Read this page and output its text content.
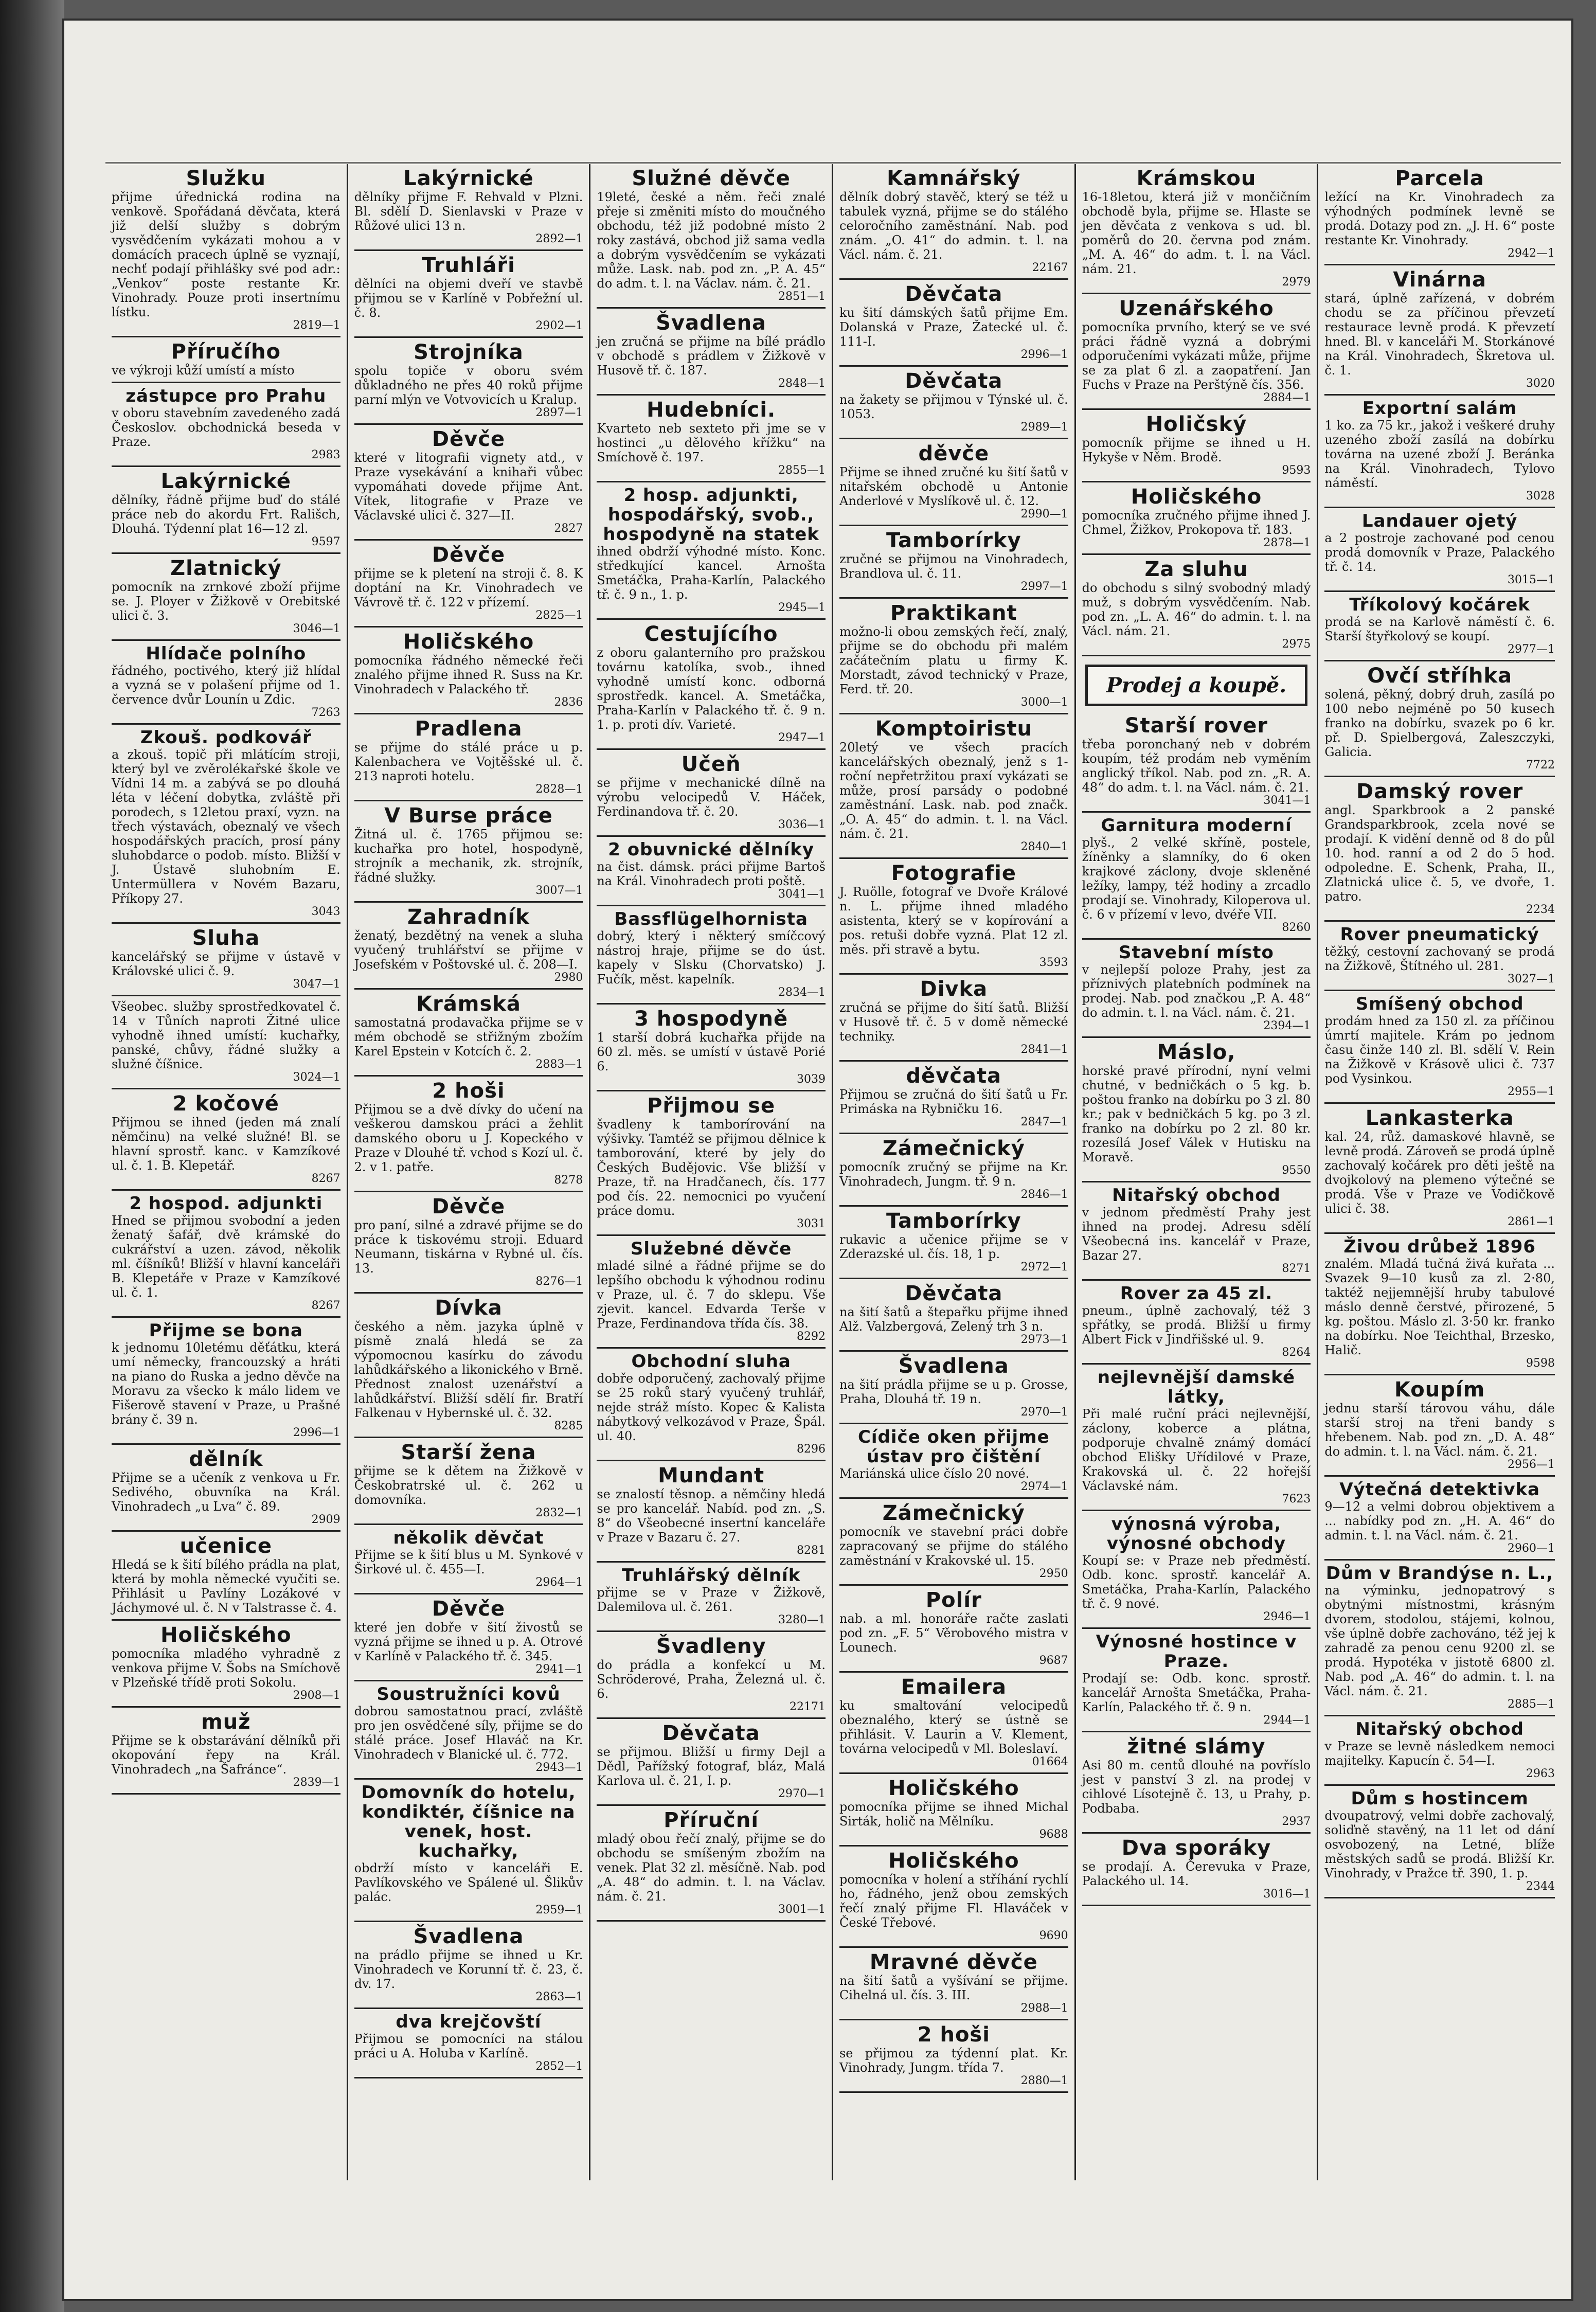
Služku
přijme úřednická rodina na venkově. Spořádaná děvčata, která již delší služby s dobrým vysvědčením vykázati mohou a v domácích pracech úplně se vyznají, nechť podají přihlášky své pod adr.: „Venkov“ poste restante Kr. Vinohrady. Pouze proti insertnímu lístku.
2819—1
Příručího
ve výkroji kůží umístí a místo
zástupce pro Prahu
v oboru stavebním zavedeného zadá Českoslov. obchodnická beseda v Praze.
2983
Lakýrnické
dělníky, řádně přijme buď do stálé práce neb do akordu Frt. Rališch, Dlouhá. Týdenní plat 16—12 zl.
9597
Zlatnický
pomocník na zrnkové zboží přijme se. J. Ployer v Žižkově v Orebitské ulici č. 3.
3046—1
Hlídače polního
řádného, poctivého, který již hlídal a vyzná se v polašení přijme od 1. července dvůr Lounín u Zdic.
7263
Zkouš. podkovář
a zkouš. topič při mlátícím stroji, který byl ve zvěrolékařské škole ve Vídni 14 m. a zabývá se po dlouhá léta v léčení dobytka, zvláště při porodech, s 12letou praxí, vyzn. na třech výstavách, obeznalý ve všech hospodářských pracích, prosí pány sluhobdarce o podob. místo. Bližší v J. Ústavě sluhobním E. Untermüllera v Novém Bazaru, Příkopy 27.
3043
Sluha
kancelářský se přijme v ústavě v Královské ulici č. 9.
3047—1
Všeobec. služby sprostředkovatel č. 14 v Tůních naproti Žitné ulice vyhodně ihned umístí: kuchařky, panské, chůvy, řádné služky a služné číšnice.
3024—1
2 kočové
Přijmou se ihned (jeden má znalí němčinu) na velké služné! Bl. se hlavní sprostř. kanc. v Kamzíkové ul. č. 1. B. Klepetář.
8267
2 hospod. adjunkti
Hned se přijmou svobodní a jeden ženatý šafář, dvě krámské do cukrářství a uzen. závod, několik ml. číšníků! Bližší v hlavní kanceláři B. Klepetáře v Praze v Kamzíkové ul. č. 1.
8267
Přijme se bona
k jednomu 10letému děťátku, která umí německy, francouzský a hráti na piano do Ruska a jedno děvče na Moravu za všecko k málo lidem ve Fišerově stavení v Praze, u Prašné brány č. 39 n.
2996—1
dělník
Přijme se a učeník z venkova u Fr. Sedivého, obuvníka na Král. Vinohradech „u Lva“ č. 89.
2909
učenice
Hledá se k šití bílého prádla na plat, která by mohla německé vyučiti se. Přihlásit u Pavlíny Lozákové v Jáchymové ul. č. N v Talstrasse č. 4.
Holičského
pomocníka mladého vyhradně z venkova přijme V. Šobs na Smíchově v Plzeňské třídě proti Sokolu.
2908—1
muž
Přijme se k obstarávání dělníků při okopování řepy na Král. Vinohradech „na Šafránce“.
2839—1
Lakýrnické
dělníky přijme F. Rehvald v Plzni. Bl. sdělí D. Sienlavski v Praze v Růžové ulici 13 n.
2892—1
Truhláři
dělníci na objemi dveří ve stavbě přijmou se v Karlíně v Pobřežní ul. č. 8.
2902—1
Strojníka
spolu topiče v oboru svém důkladného ne přes 40 roků přijme parní mlýn ve Votvovicích u Kralup.
2897—1
Děvče
které v litografii vignety atd., v Praze vysekávání a knihaři vůbec vypomáhati dovede přijme Ant. Vítek, litografie v Praze ve Václavské ulici č. 327—II.
2827
Děvče
přijme se k pletení na stroji č. 8. K doptání na Kr. Vinohradech ve Vávrově tř. č. 122 v přízemí.
2825—1
Holičského
pomocníka řádného německé řeči znalého přijme ihned R. Suss na Kr. Vinohradech v Palackého tř.
2836
Pradlena
se přijme do stálé práce u p. Kalenbachera ve Vojtěšské ul. č. 213 naproti hotelu.
2828—1
V Burse práce
Žitná ul. č. 1765 přijmou se: kuchařka pro hotel, hospodyně, strojník a mechanik, zk. strojník, řádné služky.
3007—1
Zahradník
ženatý, bezdětný na venek a sluha vyučený truhlářství se přijme v Josefském v Poštovské ul. č. 208—I.
2980
Krámská
samostatná prodavačka přijme se v mém obchodě se střižným zbožím Karel Epstein v Kotcích č. 2.
2883—1
2 hoši
Přijmou se a dvě dívky do učení na veškerou damskou práci a žehlit damského oboru u J. Kopeckého v Praze v Dlouhé tř. vchod s Kozí ul. č. 2. v 1. patře.
8278
Děvče
pro paní, silné a zdravé přijme se do práce k tiskovému stroji. Eduard Neumann, tiskárna v Rybné ul. čís. 13.
8276—1
Dívka
českého a něm. jazyka úplně v písmě znalá hledá se za výpomocnou kasírku do závodu lahůdkářského a likonického v Brně. Přednost znalost uzenářství a lahůdkářství. Bližší sdělí fir. Bratří Falkenau v Hybernské ul. č. 32.
8285
Starší žena
přijme se k dětem na Žižkově v Českobratrské ul. č. 262 u domovníka.
2832—1
několik děvčat
Přijme se k šití blus u M. Synkové v Širkové ul. č. 455—I.
2964—1
Děvče
které jen dobře v šití živostů se vyzná přijme se ihned u p. A. Otrové v Karlíně v Palackého tř. č. 345.
2941—1
Soustružníci kovů
dobrou samostatnou prací, zvláště pro jen osvědčené síly, přijme se do stálé práce. Josef Hlaváč na Kr. Vinohradech v Blanické ul. č. 772.
2943—1
Domovník do hotelu, kondiktér, číšnice na venek, host. kuchařky,
obdrží místo v kanceláři E. Pavlíkovského ve Spálené ul. Šlikův palác.
2959—1
Švadlena
na prádlo přijme se ihned u Kr. Vinohradech ve Korunní tř. č. 23, č. dv. 17.
2863—1
dva krejčovští
Přijmou se pomocníci na stálou práci u A. Holuba v Karlíně.
2852—1
Služné děvče
19leté, české a něm. řeči znalé přeje si změniti místo do moučného obchodu, též již podobné místo 2 roky zastává, obchod již sama vedla a dobrým vysvědčením se vykázati může. Lask. nab. pod zn. „P. A. 45“ do adm. t. l. na Václav. nám. č. 21.
2851—1
Švadlena
jen zručná se přijme na bílé prádlo v obchodě s prádlem v Žižkově v Husově tř. č. 187.
2848—1
Hudebníci.
Kvarteto neb sexteto při jme se v hostinci „u dělového křížku“ na Smíchově č. 197.
2855—1
2 hosp. adjunkti, hospodářský, svob., hospodyně na statek
ihned obdrží výhodné místo. Konc. středkující kancel. Arnošta Smetáčka, Praha-Karlín, Palackého tř. č. 9 n., 1. p.
2945—1
Cestujícího
z oboru galanterního pro pražskou továrnu katolíka, svob., ihned vyhodně umístí konc. odborná sprostředk. kancel. A. Smetáčka, Praha-Karlín v Palackého tř. č. 9 n. 1. p. proti dív. Varieté.
2947—1
Učeň
se přijme v mechanické dílně na výrobu velocipedů V. Háček, Ferdinandova tř. č. 20.
3036—1
2 obuvnické dělníky
na čist. dámsk. práci přijme Bartoš na Král. Vinohradech proti poště.
3041—1
Bassflügelhornista
dobrý, který i některý smíčcový nástroj hraje, přijme se do úst. kapely v Slsku (Chorvatsko) J. Fučík, měst. kapelník.
2834—1
3 hospodyně
1 starší dobrá kuchařka přijde na 60 zl. měs. se umístí v ústavě Porié 6.
3039
Přijmou se
švadleny k tamborírování na výšivky. Tamtéž se přijmou dělnice k tamborování, které by jely do Českých Budějovic. Vše bližší v Praze, tř. na Hradčanech, čís. 177 pod čís. 22. nemocnici po vyučení práce domu.
3031
Služebné děvče
mladé silné a řádné přijme se do lepšího obchodu k výhodnou rodinu v Praze, ul. č. 7 do sklepu. Vše zjevit. kancel. Edvarda Terše v Praze, Ferdinandova třída čís. 38.
8292
Obchodní sluha
dobře odporučený, zachovalý přijme se 25 roků starý vyučený truhlář, nejde stráž místo. Kopec & Kalista nábytkový velkozávod v Praze, Špál. ul. 40.
8296
Mundant
se znalostí těsnop. a němčiny hledá se pro kancelář. Nabíd. pod zn. „S. 8“ do Všeobecné insertní kanceláře v Praze v Bazaru č. 27.
8281
Truhlářský dělník
přijme se v Praze v Žižkově, Dalemilova ul. č. 261.
3280—1
Švadleny
do prádla a konfekcí u M. Schröderové, Praha, Železná ul. č. 6.
22171
Děvčata
se přijmou. Bližší u firmy Dejl a Dědl, Pařížský fotograf, bláz, Malá Karlova ul. č. 21, I. p.
2970—1
Příruční
mladý obou řečí znalý, přijme se do obchodu se smíšeným zbožím na venek. Plat 32 zl. měsíčně. Nab. pod „A. 48“ do admin. t. l. na Václav. nám. č. 21.
3001—1
Kamnářský
dělník dobrý stavěč, který se též u tabulek vyzná, přijme se do stálého celoročního zaměstnání. Nab. pod znám. „O. 41“ do admin. t. l. na Václ. nám. č. 21.
22167
Děvčata
ku šití dámských šatů přijme Em. Dolanská v Praze, Žatecké ul. č. 111-I.
2996—1
Děvčata
na žakety se přijmou v Týnské ul. č. 1053.
2989—1
děvče
Přijme se ihned zručné ku šití šatů v nitařském obchodě u Antonie Anderlové v Myslíkově ul. č. 12.
2990—1
Tamborírky
zručné se přijmou na Vinohradech, Brandlova ul. č. 11.
2997—1
Praktikant
možno-li obou zemských řečí, znalý, přijme se do obchodu při malém začátečním platu u firmy K. Morstadt, závod technický v Praze, Ferd. tř. 20.
3000—1
Komptoiristu
20letý ve všech pracích kancelářských obeznalý, jenž s 1-roční nepřetržitou praxí vykázati se může, prosí parsády o podobné zaměstnání. Lask. nab. pod značk. „O. A. 45“ do admin. t. l. na Václ. nám. č. 21.
2840—1
Fotografie
J. Ruölle, fotograf ve Dvoře Králové n. L. přijme ihned mladého asistenta, který se v kopírování a pos. retuši dobře vyzná. Plat 12 zl. měs. při stravě a bytu.
3593
Divka
zručná se přijme do šití šatů. Bližší v Husově tř. č. 5 v domě německé techniky.
2841—1
děvčata
Přijmou se zručná do šití šatů u Fr. Primáska na Rybničku 16.
2847—1
Zámečnický
pomocník zručný se přijme na Kr. Vinohradech, Jungm. tř. 9 n.
2846—1
Tamborírky
rukavic a učenice přijme se v Zderazské ul. čís. 18, 1 p.
2972—1
Děvčata
na šití šatů a štepařku přijme ihned Alž. Valzbergová, Zelený trh 3 n.
2973—1
Švadlena
na šití prádla přijme se u p. Grosse, Praha, Dlouhá tř. 19 n.
2970—1
Cídiče oken přijme ústav pro čištění
Mariánská ulice číslo 20 nové.
2974—1
Zámečnický
pomocník ve stavební práci dobře zapracovaný se přijme do stálého zaměstnání v Krakovské ul. 15.
2950
Polír
nab. a ml. honoráře račte zaslati pod zn. „F. 5“ Věrobového mistra v Lounech.
9687
Emailera
ku smaltování velocipedů obeznalého, který se ústně se přihlásit. V. Laurin a V. Klement, továrna velocipedů v Ml. Boleslaví.
01664
Holičského
pomocníka přijme se ihned Michal Sirták, holič na Mělníku.
9688
Holičského
pomocníka v holení a stříhání rychlí ho, řádného, jenž obou zemských řečí znalý přijme Fl. Hlaváček v České Třebové.
9690
Mravné děvče
na šití šatů a vyšívání se přijme. Cihelná ul. čís. 3. III.
2988—1
2 hoši
se přijmou za týdenní plat. Kr. Vinohrady, Jungm. třída 7.
2880—1
Krámskou
16-18letou, která již v mončičním obchodě byla, přijme se. Hlaste se jen děvčata z venkova s ud. bl. poměrů do 20. června pod znám. „M. A. 46“ do adm. t. l. na Václ. nám. 21.
2979
Uzenářského
pomocníka prvního, který se ve své práci řádně vyzná a dobrými odporučeními vykázati může, přijme se za plat 6 zl. a zaopatření. Jan Fuchs v Praze na Perštýně čís. 356.
2884—1
Holičský
pomocník přijme se ihned u H. Hykyše v Něm. Brodě.
9593
Holičského
pomocníka zručného přijme ihned J. Chmel, Žižkov, Prokopova tř. 183.
2878—1
Za sluhu
do obchodu s silný svobodný mladý muž, s dobrým vysvědčením. Nab. pod zn. „L. A. 46“ do admin. t. l. na Václ. nám. 21.
2975
Prodej a koupě.
Starší rover
třeba poronchaný neb v dobrém koupím, též prodám neb vyměním anglický tříkol. Nab. pod zn. „R. A. 48“ do adm. t. l. na Václ. nám. č. 21.
3041—1
Garnitura moderní
plyš., 2 velké skříně, postele, žíněnky a slamníky, do 6 oken krajkové záclony, dvoje skleněné ležíky, lampy, též hodiny a zrcadlo prodají se. Vinohrady, Kiloperova ul. č. 6 v přízemí v levo, dvéře VII.
8260
Stavební místo
v nejlepší poloze Prahy, jest za příznivých platebních podmínek na prodej. Nab. pod značkou „P. A. 48“ do admin. t. l. na Václ. nám. č. 21.
2394—1
Máslo,
horské pravé přírodní, nyní velmi chutné, v bedničkách o 5 kg. b. poštou franko na dobírku po 3 zl. 80 kr.; pak v bedničkách 5 kg. po 3 zl. franko na dobírku po 2 zl. 80 kr. rozesílá Josef Válek v Hutisku na Moravě.
9550
Nitařský obchod
v jednom předměstí Prahy jest ihned na prodej. Adresu sdělí Všeobecná ins. kancelář v Praze, Bazar 27.
8271
Rover za 45 zl.
pneum., úplně zachovalý, též 3 spřátky, se prodá. Bližší u firmy Albert Fick v Jindřišské ul. 9.
8264
nejlevnější damské látky,
Při malé ruční práci nejlevnější, záclony, koberce a plátna, podporuje chvalně známý domácí obchod Elišky Uřídilové v Praze, Krakovská ul. č. 22 hořejší Václavské nám.
7623
výnosná výroba, výnosné obchody
Koupí se: v Praze neb předměstí. Odb. konc. sprostř. kancelář A. Smetáčka, Praha-Karlín, Palackého tř. č. 9 nové.
2946—1
Výnosné hostince v Praze.
Prodají se: Odb. konc. sprostř. kancelář Arnošta Smetáčka, Praha-Karlín, Palackého tř. č. 9 n.
2944—1
žitné slámy
Asi 80 m. centů dlouhé na povříslo jest v panství 3 zl. na prodej v cihlové Lísotejně č. 13, u Prahy, p. Podbaba.
2937
Dva sporáky
se prodají. A. Čerevuka v Praze, Palackého ul. 14.
3016—1
Parcela
ležící na Kr. Vinohradech za výhodných podmínek levně se prodá. Dotazy pod zn. „J. H. 6“ poste restante Kr. Vinohrady.
2942—1
Vinárna
stará, úplně zařízená, v dobrém chodu se za příčinou převzetí restaurace levně prodá. K převzetí hned. Bl. v kanceláři M. Storkánové na Král. Vinohradech, Škretova ul. č. 1.
3020
Exportní salám
1 ko. za 75 kr., jakož i veškeré druhy uzeného zboží zasílá na dobírku továrna na uzené zboží J. Beránka na Král. Vinohradech, Tylovo náměstí.
3028
Landauer ojetý
a 2 postroje zachované pod cenou prodá domovník v Praze, Palackého tř. č. 14.
3015—1
Tříkolový kočárek
prodá se na Karlově náměstí č. 6. Starší štyřkolový se koupí.
2977—1
Ovčí stříhka
solená, pěkný, dobrý druh, zasílá po 100 nebo nejméně po 50 kusech franko na dobírku, svazek po 6 kr. př. D. Spielbergová, Zaleszczyki, Galicia.
7722
Damský rover
angl. Sparkbrook a 2 panské Grandsparkbrook, zcela nové se prodají. K vidění denně od 8 do půl 10. hod. ranní a od 2 do 5 hod. odpoledne. E. Schenk, Praha, II., Zlatnická ulice č. 5, ve dvoře, 1. patro.
2234
Rover pneumatický
těžký, cestovní zachovaný se prodá na Žižkově, Štítného ul. 281.
3027—1
Smíšený obchod
prodám hned za 150 zl. za příčinou úmrtí majitele. Krám po jednom času činže 140 zl. Bl. sdělí V. Rein na Žižkově v Krásově ulici č. 737 pod Vysinkou.
2955—1
Lankasterka
kal. 24, růž. damaskové hlavně, se levně prodá. Zároveň se prodá úplně zachovalý kočárek pro děti ještě na dvojkolový na plemeno výtečné se prodá. Vše v Praze ve Vodičkově ulici č. 38.
2861—1
Živou drůbež 1896
znalém. Mladá tučná živá kuřata ... Svazek 9—10 kusů za zl. 2·80, taktéž nejjemnější hruby tabulové máslo denně čerstvé, přirozené, 5 kg. poštou. Máslo zl. 3·50 kr. franko na dobírku. Noe Teichthal, Brzesko, Halič.
9598
Koupím
jednu starší tárovou váhu, dále starší stroj na třeni bandy s hřebenem. Nab. pod zn. „D. A. 48“ do admin. t. l. na Václ. nám. č. 21.
2956—1
Výtečná detektivka
9—12 a velmi dobrou objektivem a ... nabídky pod zn. „H. A. 46“ do admin. t. l. na Václ. nám. č. 21.
2960—1
Dům v Brandýse n. L.,
na výminku, jednopatrový s obytnými místnostmi, krásným dvorem, stodolou, stájemi, kolnou, vše úplně dobře zachováno, též jej k zahradě za penou cenu 9200 zl. se prodá. Hypotéka v jistotě 6800 zl. Nab. pod „A. 46“ do admin. t. l. na Václ. nám. č. 21.
2885—1
Nitařský obchod
v Praze se levně následkem nemoci majitelky. Kapucín č. 54—I.
2963
Dům s hostincem
dvoupatrový, velmi dobře zachovalý, soliďně stavěný, na 11 let od dání osvobozený, na Letné, blíže městských sadů se prodá. Bližší Kr. Vinohrady, v Pražce tř. 390, 1. p.
2344
